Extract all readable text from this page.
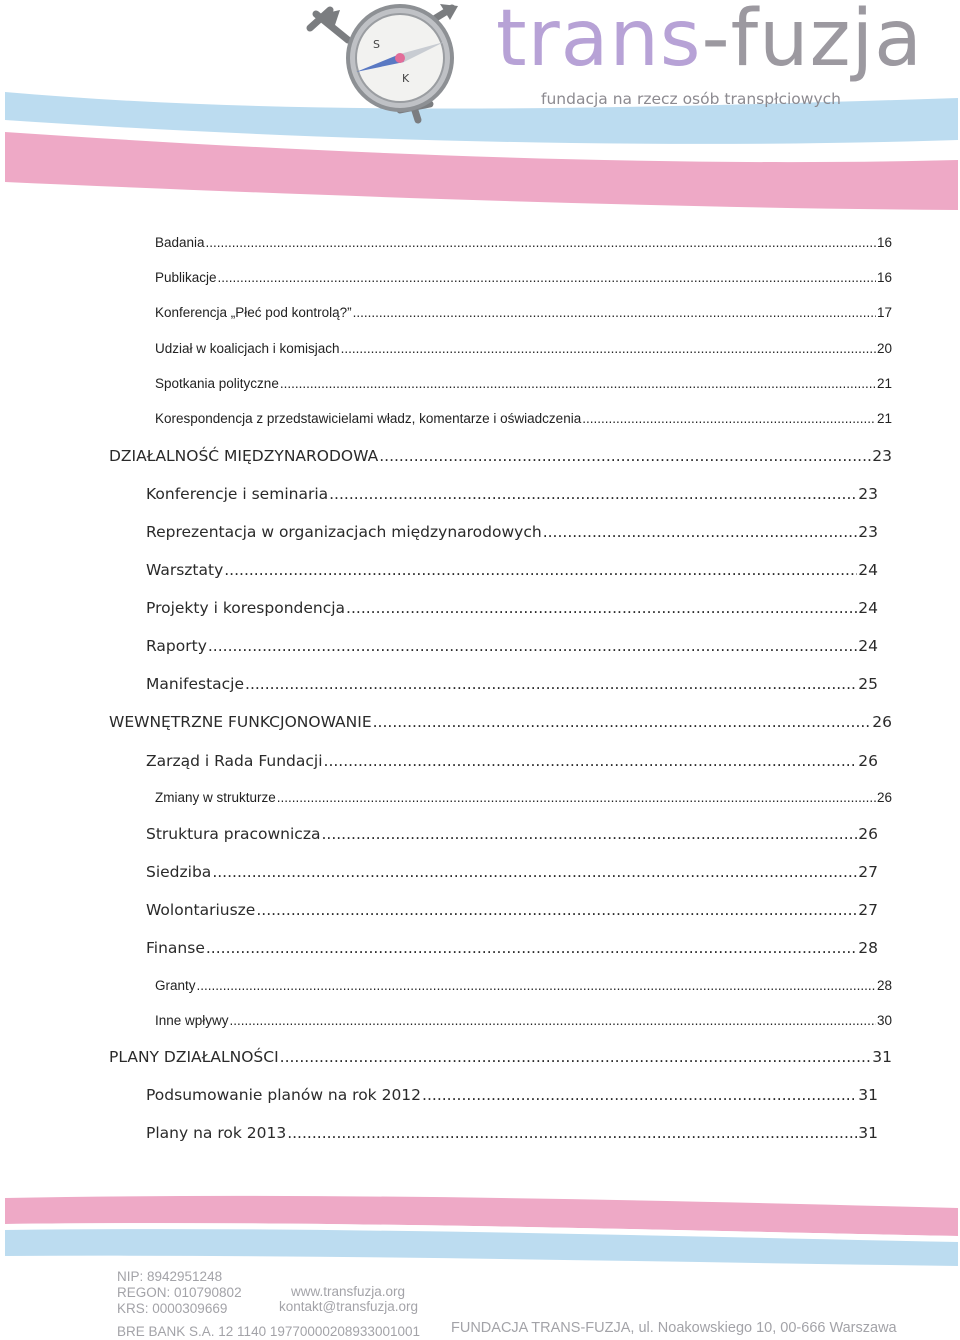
S
K trans-fuzja
fundacja na rzecz osób transpłciowych
Badania .....	16
Publikacje .....	16
Konferencja „Płeć pod kontrolą?” .....	17
Udział w koalicjach i komisjach .....	20
Spotkania polityczne .....	21
Korespondencja z przedstawicielami władz, komentarze i oświadczenia .....	21
DZIAŁALNOŚĆ MIĘDZYNARODOWA .....	23
Konferencje i seminaria .....	23
Reprezentacja w organizacjach międzynarodowych .....	23
Warsztaty .....	24
Projekty i korespondencja .....	24
Raporty .....	24
Manifestacje .....	25
WEWNĘTRZNE FUNKCJONOWANIE .....	26
Zarząd i Rada Fundacji .....	26
Zmiany w strukturze .....	26
Struktura pracownicza .....	26
Siedziba .....	27
Wolontariusze .....	27
Finanse .....	28
Granty .....	28
Inne wpływy .....	30
PLANY DZIAŁALNOŚCI .....	31
Podsumowanie planów na rok 2012 .....	31
Plany na rok 2013 .....	31
NIP: 8942951248
REGON: 010790802
KRS: 0000309669
www.transfuzja.org
kontakt@transfuzja.org
BRE BANK S.A. 12 1140 1977000020893300100​1 FUNDACJA TRANS-FUZJA, ul. Noakowskiego 10, 00-666 Warszawa
